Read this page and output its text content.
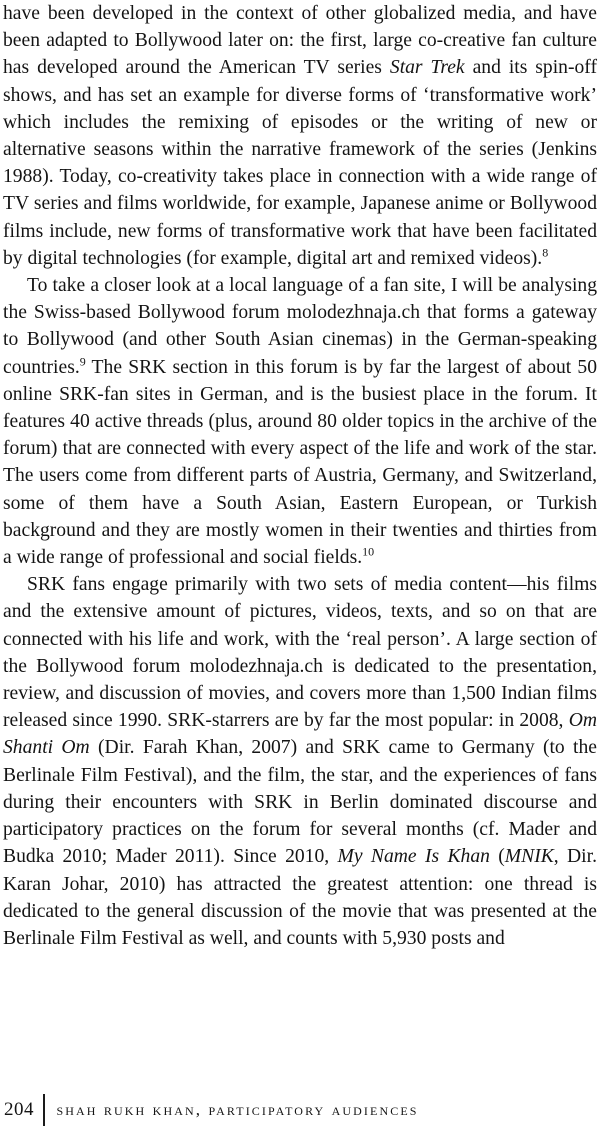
have been developed in the context of other globalized media, and have been adapted to Bollywood later on: the first, large co-creative fan culture has developed around the American TV series Star Trek and its spin-off shows, and has set an example for diverse forms of ‘transformative work’ which includes the remixing of episodes or the writing of new or alternative seasons within the narrative framework of the series (Jenkins 1988). Today, co-creativity takes place in connection with a wide range of TV series and films worldwide, for example, Japanese anime or Bollywood films include, new forms of transformative work that have been facilitated by digital technologies (for example, digital art and remixed videos).$^8$

To take a closer look at a local language of a fan site, I will be analysing the Swiss-based Bollywood forum molodezhnaja.ch that forms a gateway to Bollywood (and other South Asian cinemas) in the German-speaking countries.$^9$ The SRK section in this forum is by far the largest of about 50 online SRK-fan sites in German, and is the busiest place in the forum. It features 40 active threads (plus, around 80 older topics in the archive of the forum) that are connected with every aspect of the life and work of the star. The users come from different parts of Austria, Germany, and Switzerland, some of them have a South Asian, Eastern European, or Turkish background and they are mostly women in their twenties and thirties from a wide range of professional and social fields.$^{10}$

SRK fans engage primarily with two sets of media content—his films and the extensive amount of pictures, videos, texts, and so on that are connected with his life and work, with the ‘real person’. A large section of the Bollywood forum molodezhnaja.ch is dedicated to the presentation, review, and discussion of movies, and covers more than 1,500 Indian films released since 1990. SRK-starrers are by far the most popular: in 2008, Om Shanti Om (Dir. Farah Khan, 2007) and SRK came to Germany (to the Berlinale Film Festival), and the film, the star, and the experiences of fans during their encounters with SRK in Berlin dominated discourse and participatory practices on the forum for several months (cf. Mader and Budka 2010; Mader 2011). Since 2010, My Name Is Khan (MNIK, Dir. Karan Johar, 2010) has attracted the greatest attention: one thread is dedicated to the general discussion of the movie that was presented at the Berlinale Film Festival as well, and counts with 5,930 posts and

204 shah rukh khan, participatory audiences
